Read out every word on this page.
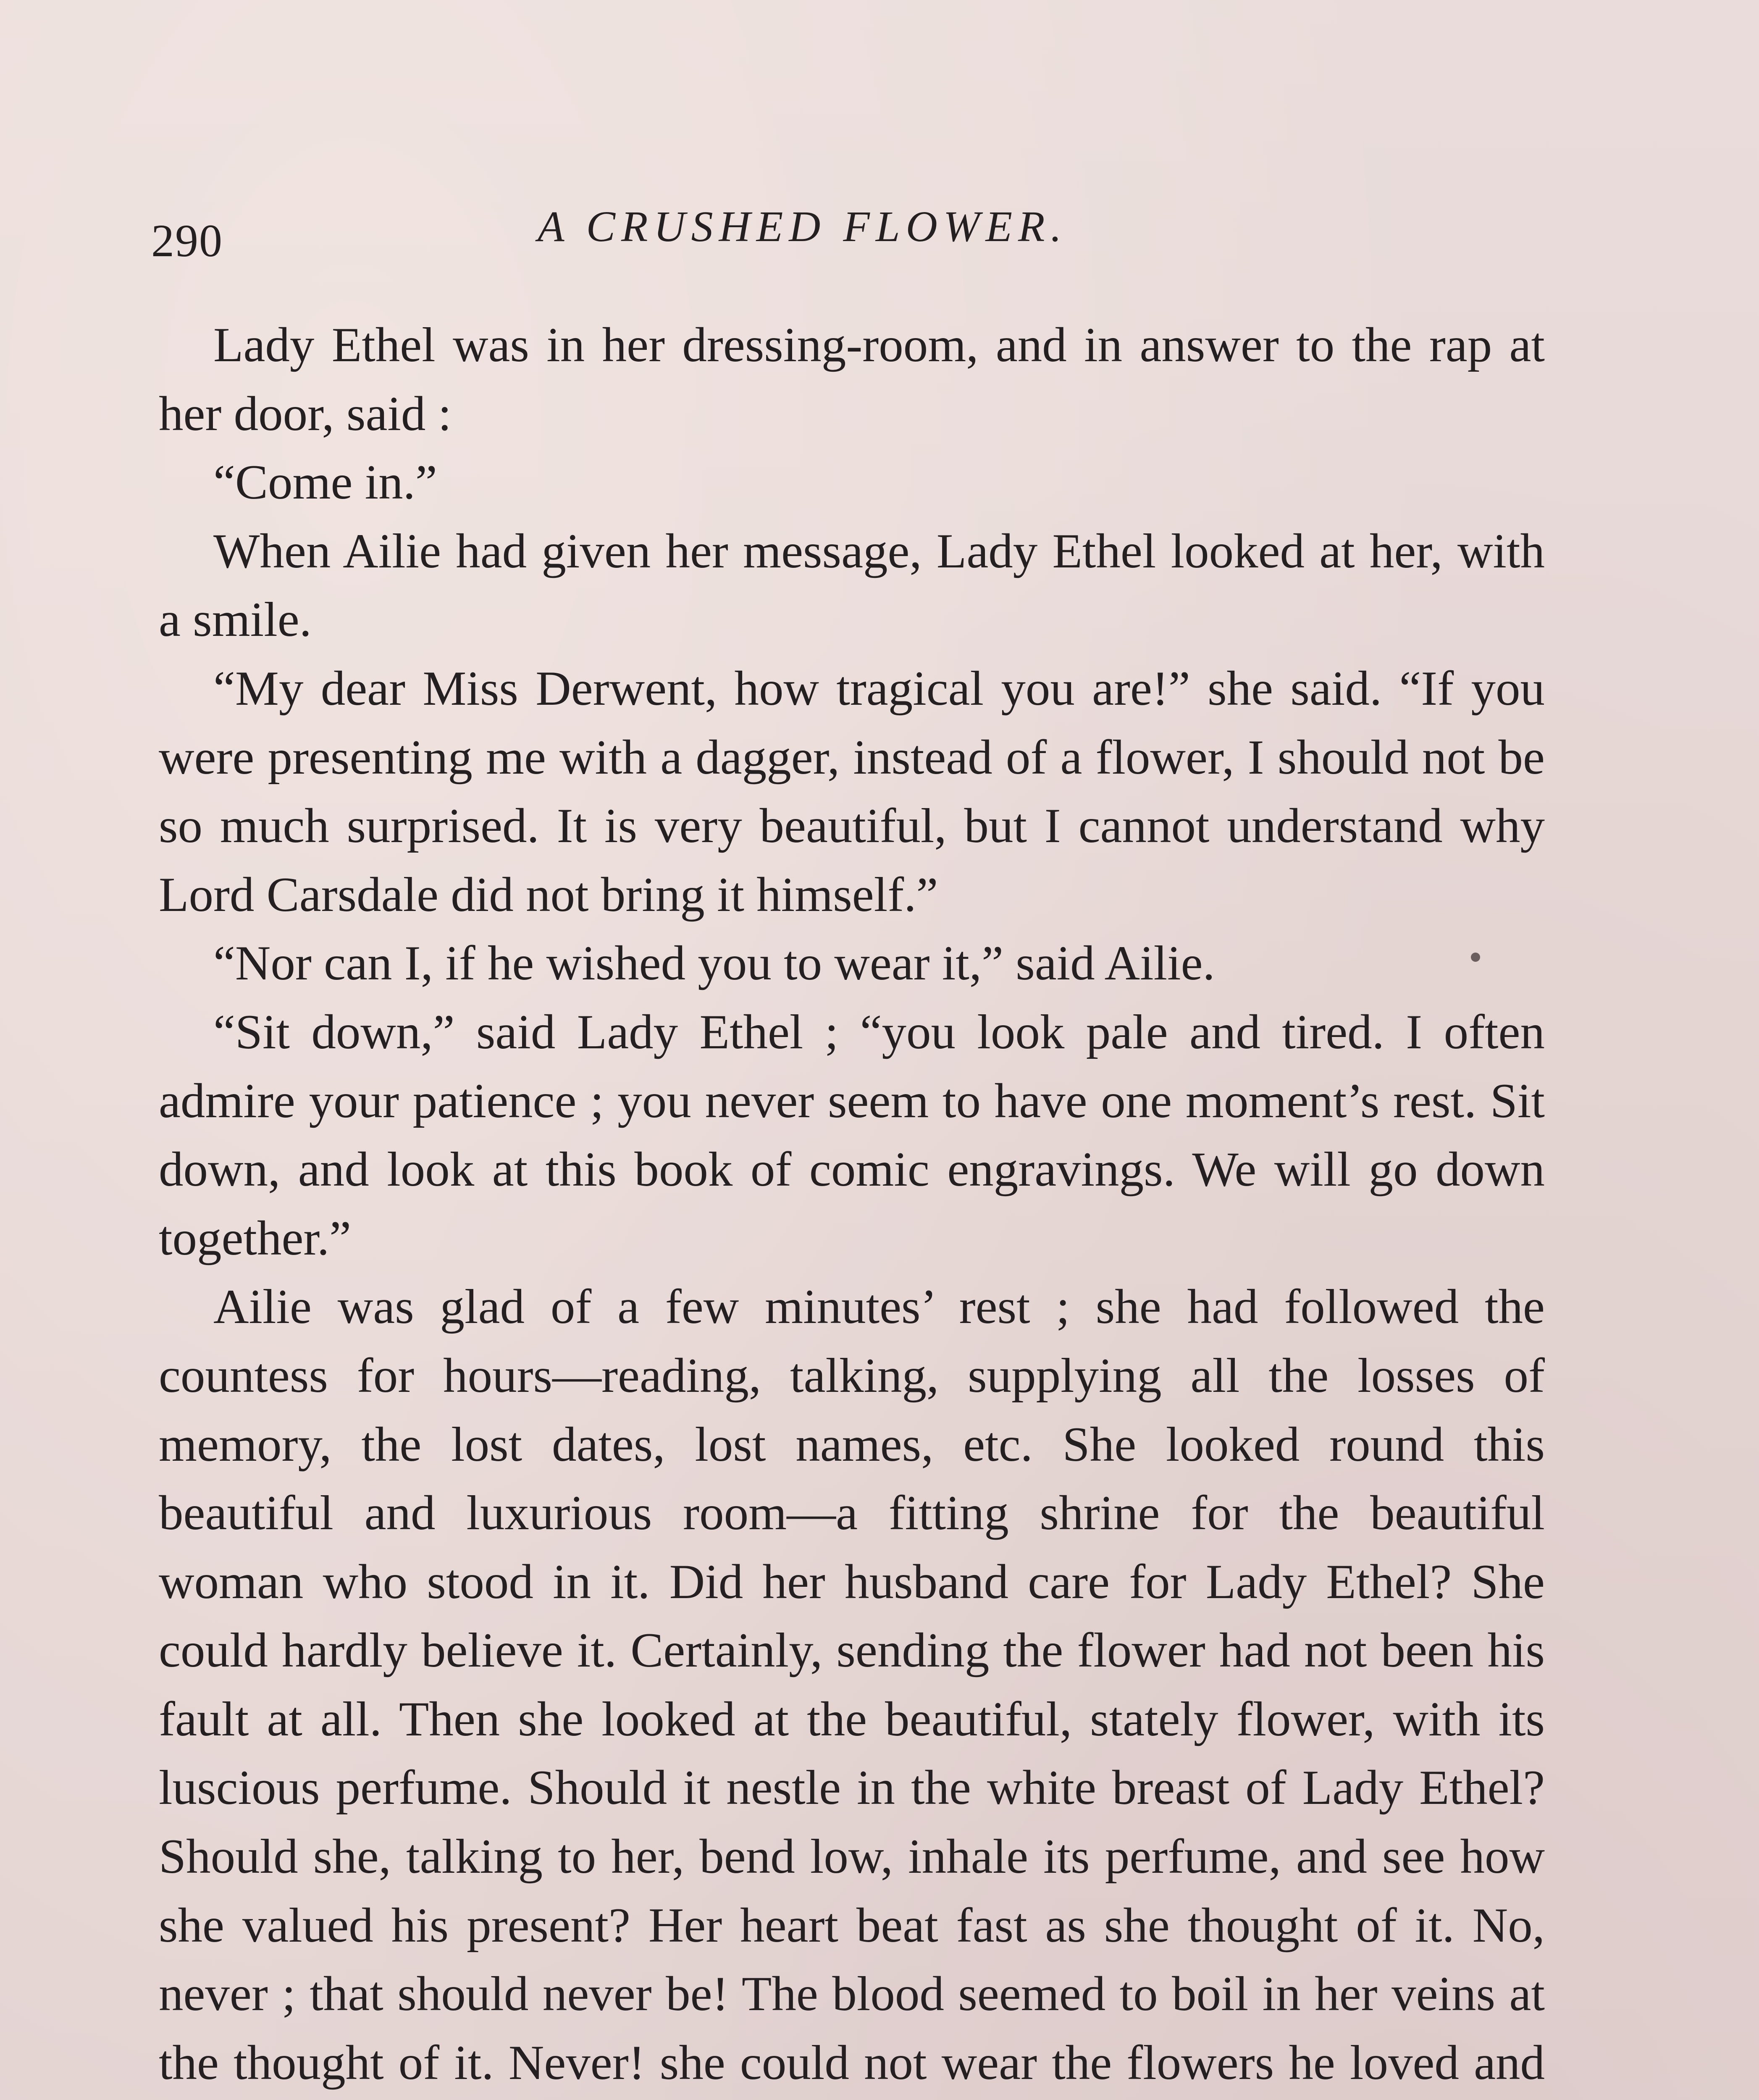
290	A CRUSHED FLOWER.

Lady Ethel was in her dressing-room, and in answer to the rap at her door, said :

“Come in.”

When Ailie had given her message, Lady Ethel looked at her, with a smile.

“My dear Miss Derwent, how tragical you are!” she said. “If you were presenting me with a dagger, instead of a flower, I should not be so much surprised. It is very beautiful, but I cannot understand why Lord Carsdale did not bring it himself.”

“Nor can I, if he wished you to wear it,” said Ailie.

“Sit down,” said Lady Ethel ; “you look pale and tired. I often admire your patience ; you never seem to have one moment’s rest. Sit down, and look at this book of comic engravings. We will go down together.”

Ailie was glad of a few minutes’ rest ; she had followed the countess for hours—reading, talking, supplying all the losses of memory, the lost dates, lost names, etc. She looked round this beautiful and luxurious room—a fitting shrine for the beautiful woman who stood in it. Did her husband care for Lady Ethel? She could hardly believe it. Certainly, sending the flower had not been his fault at all. Then she looked at the beautiful, stately flower, with its luscious perfume. Should it nestle in the white breast of Lady Ethel? Should she, talking to her, bend low, inhale its perfume, and see how she valued his present? Her heart beat fast as she thought of it. No, never ; that should never be! The blood seemed to boil in her veins at the thought of it. Never! she could not wear the flowers he loved and
